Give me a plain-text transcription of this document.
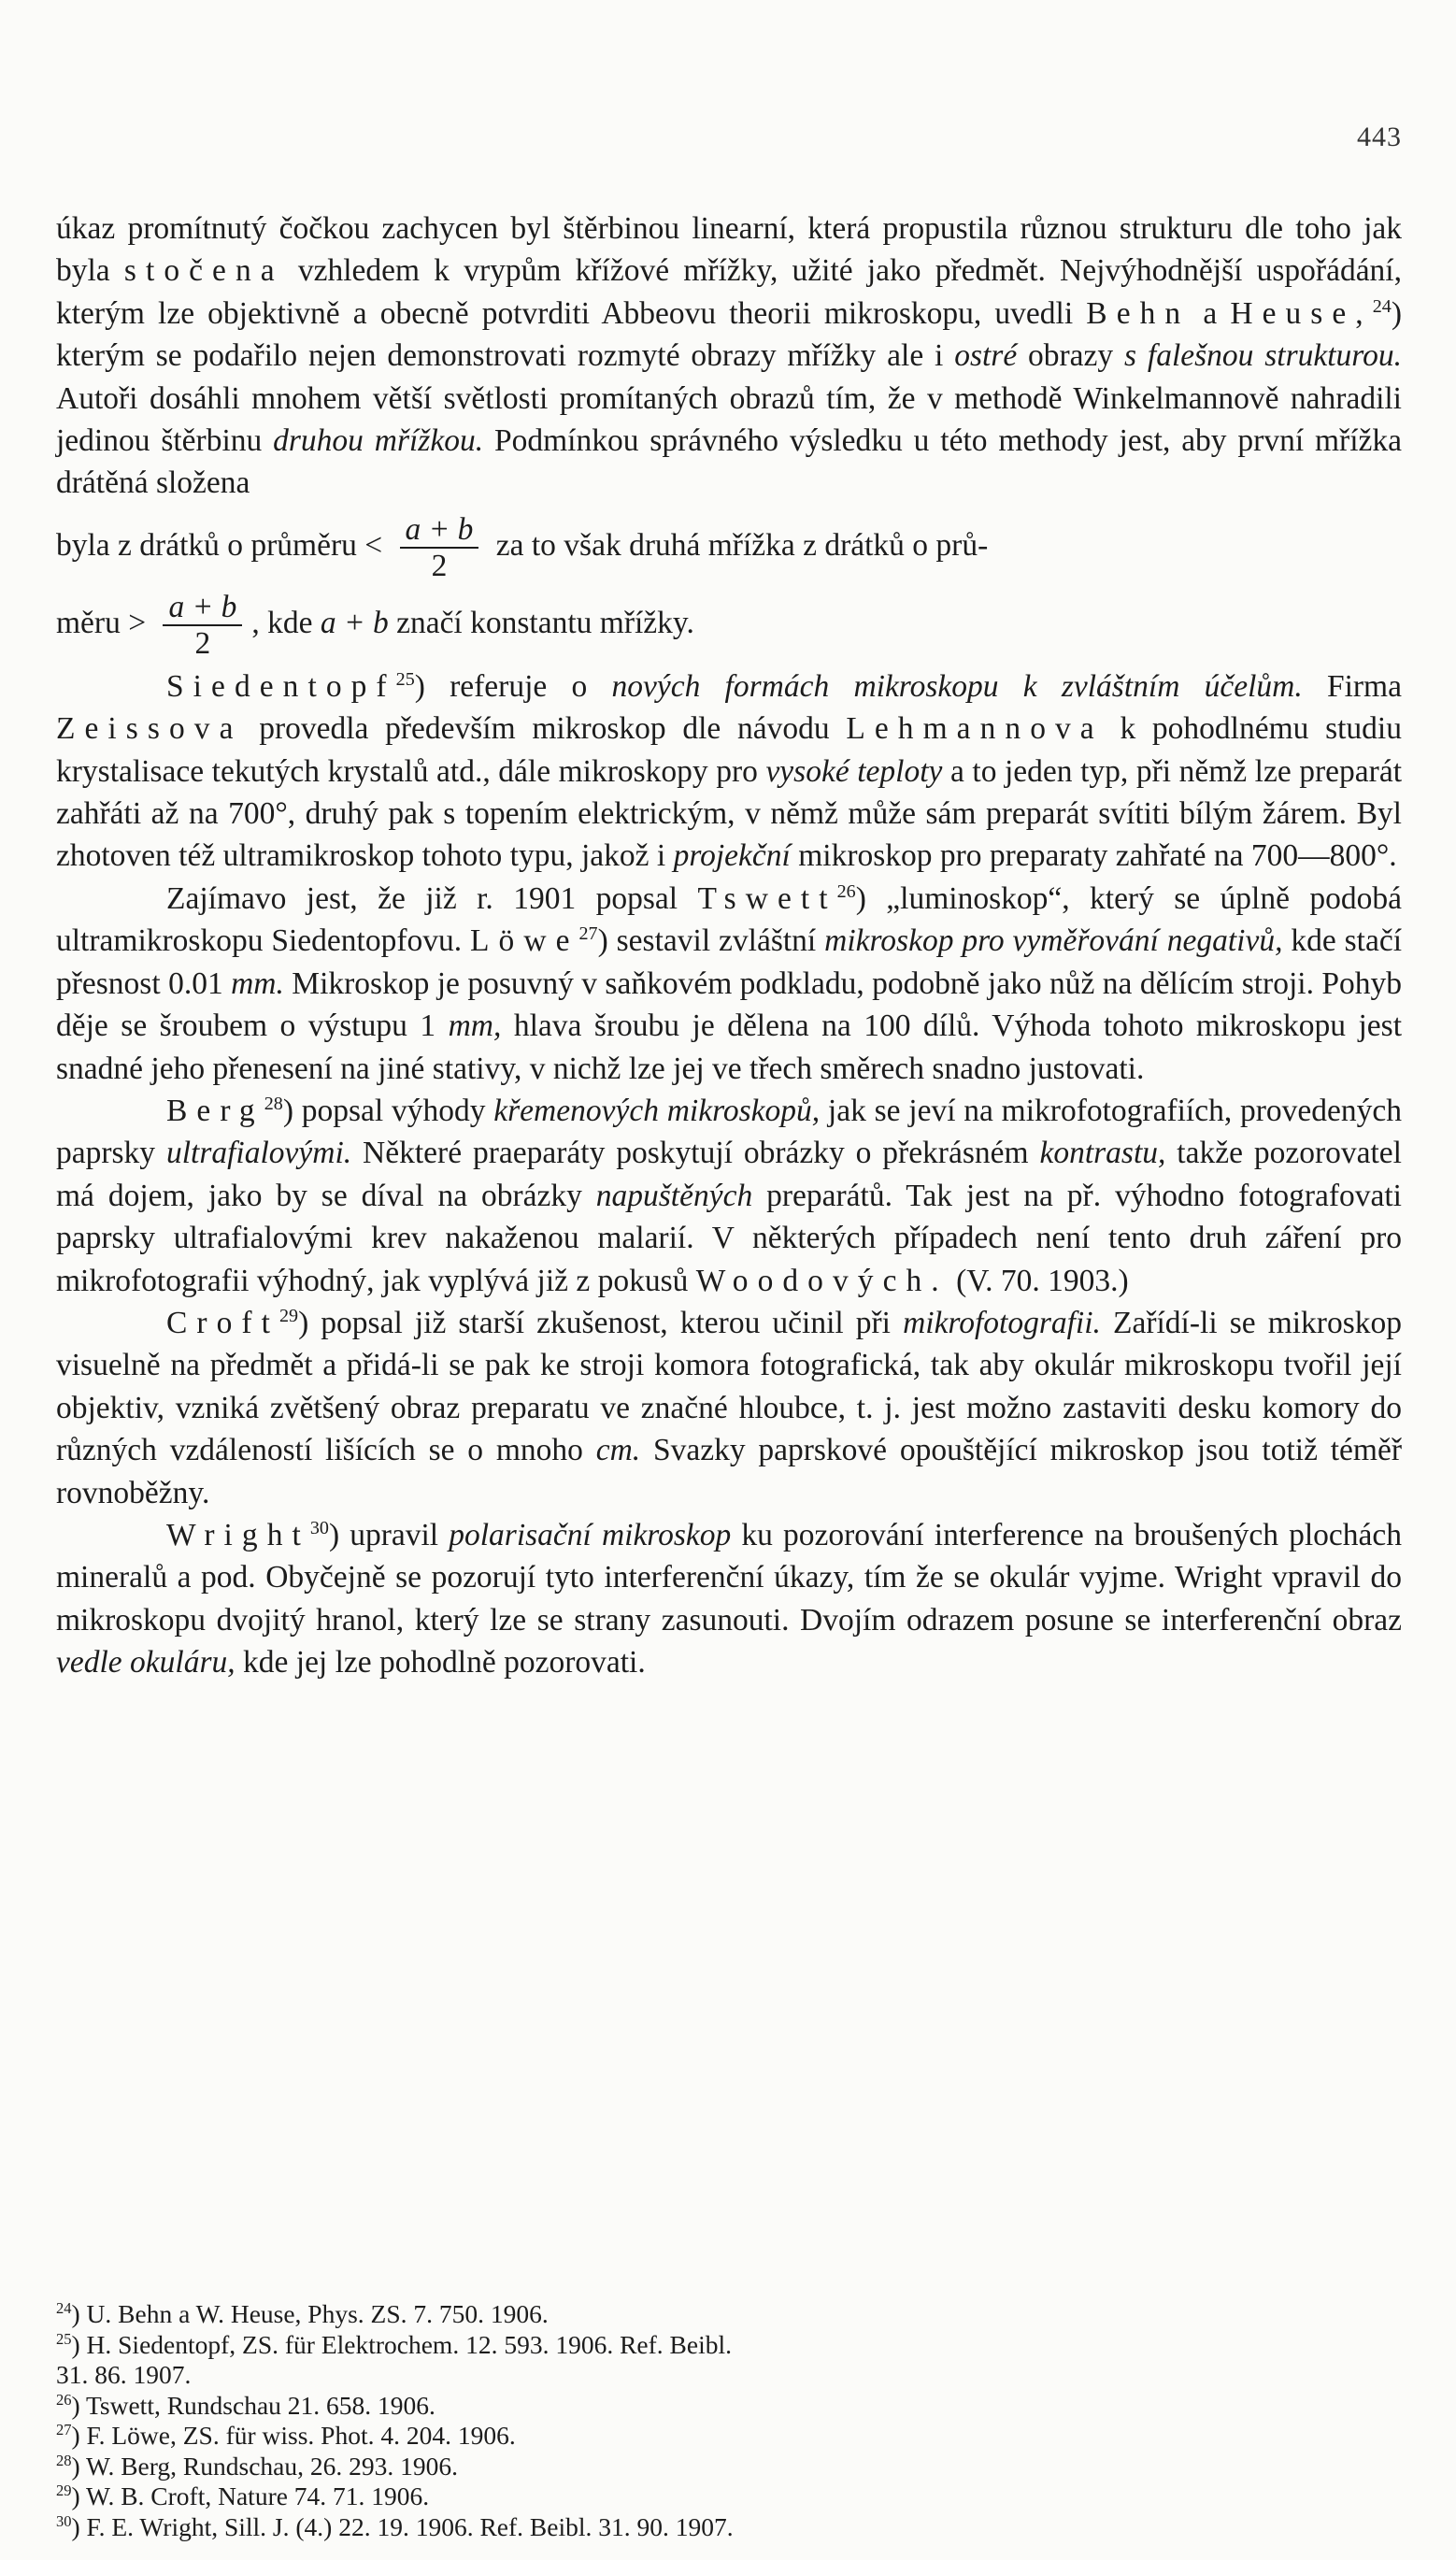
443

úkaz promítnutý čočkou zachycen byl štěrbinou linearní, která propustila různou strukturu dle toho jak byla stočena vzhledem k vrypům křížové mřížky, užité jako předmět. Nejvýhodnější uspořádání, kterým lze objektivně a obecně potvrditi Abbeovu theorii mikroskopu, uvedli Behn a Heuse,$^{24}$) kterým se podařilo nejen demonstrovati rozmyté obrazy mřížky ale i ostré obrazy s falešnou strukturou. Autoři dosáhli mnohem větší světlosti promítaných obrazů tím, že v methodě Winkelmannově nahradili jedinou štěrbinu druhou mřížkou. Podmínkou správného výsledku u této methody jest, aby první mřížka drátěná složena

byla z drátků o průměru < $\frac{a + b}{2}$ za to však druhá mřížka z drátků o prů-
měru > $\frac{a + b}{2}$ , kde a + b značí konstantu mřížky.

Siedentopf$^{25}$) referuje o nových formách mikroskopu k zvláštním účelům. Firma Zeissova provedla především mikroskop dle návodu Lehmannova k pohodlnému studiu krystalisace tekutých krystalů atd., dále mikroskopy pro vysoké teploty a to jeden typ, při němž lze preparát zahřáti až na 700°, druhý pak s topením elektrickým, v němž může sám preparát svítiti bílým žárem. Byl zhotoven též ultramikroskop tohoto typu, jakož i projekční mikroskop pro preparaty zahřaté na 700—800°.

Zajímavo jest, že již r. 1901 popsal Tswett$^{26}$) „luminoskop“, který se úplně podobá ultramikroskopu Siedentopfovu. Löwe$^{27}$) sestavil zvláštní mikroskop pro vyměřování negativů, kde stačí přesnost 0.01 mm. Mikroskop je posuvný v saňkovém podkladu, podobně jako nůž na dělícím stroji. Pohyb děje se šroubem o výstupu 1 mm, hlava šroubu je dělena na 100 dílů. Výhoda tohoto mikroskopu jest snadné jeho přenesení na jiné stativy, v nichž lze jej ve třech směrech snadno justovati.

Berg$^{28}$) popsal výhody křemenových mikroskopů, jak se jeví na mikrofotografiích, provedených paprsky ultrafialovými. Některé praeparáty poskytují obrázky o překrásném kontrastu, takže pozorovatel má dojem, jako by se díval na obrázky napuštěných preparátů. Tak jest na př. výhodno fotografovati paprsky ultrafialovými krev nakaženou malarií. V některých případech není tento druh záření pro mikrofotografii výhodný, jak vyplývá již z pokusů Woodových. (V. 70. 1903.)

Croft$^{29}$) popsal již starší zkušenost, kterou učinil při mikrofotografii. Zařídí-li se mikroskop visuelně na předmět a přidá-li se pak ke stroji komora fotografická, tak aby okulár mikroskopu tvořil její objektiv, vzniká zvětšený obraz preparatu ve značné hloubce, t. j. jest možno zastaviti desku komory do různých vzdáleností lišících se o mnoho cm. Svazky paprskové opouštějící mikroskop jsou totiž téměř rovnoběžny.

Wright$^{30}$) upravil polarisační mikroskop ku pozorování interference na broušených plochách mineralů a pod. Obyčejně se pozorují tyto interferenční úkazy, tím že se okulár vyjme. Wright vpravil do mikroskopu dvojitý hranol, který lze se strany zasunouti. Dvojím odrazem posune se interferenční obraz vedle okuláru, kde jej lze pohodlně pozorovati.

$^{24}$) U. Behn a W. Heuse, Phys. ZS. 7. 750. 1906.
$^{25}$) H. Siedentopf, ZS. für Elektrochem. 12. 593. 1906. Ref. Beibl.
31. 86. 1907.
$^{26}$) Tswett, Rundschau 21. 658. 1906.
$^{27}$) F. Löwe, ZS. für wiss. Phot. 4. 204. 1906.
$^{28}$) W. Berg, Rundschau, 26. 293. 1906.
$^{29}$) W. B. Croft, Nature 74. 71. 1906.
$^{30}$) F. E. Wright, Sill. J. (4.) 22. 19. 1906. Ref. Beibl. 31. 90. 1907.
